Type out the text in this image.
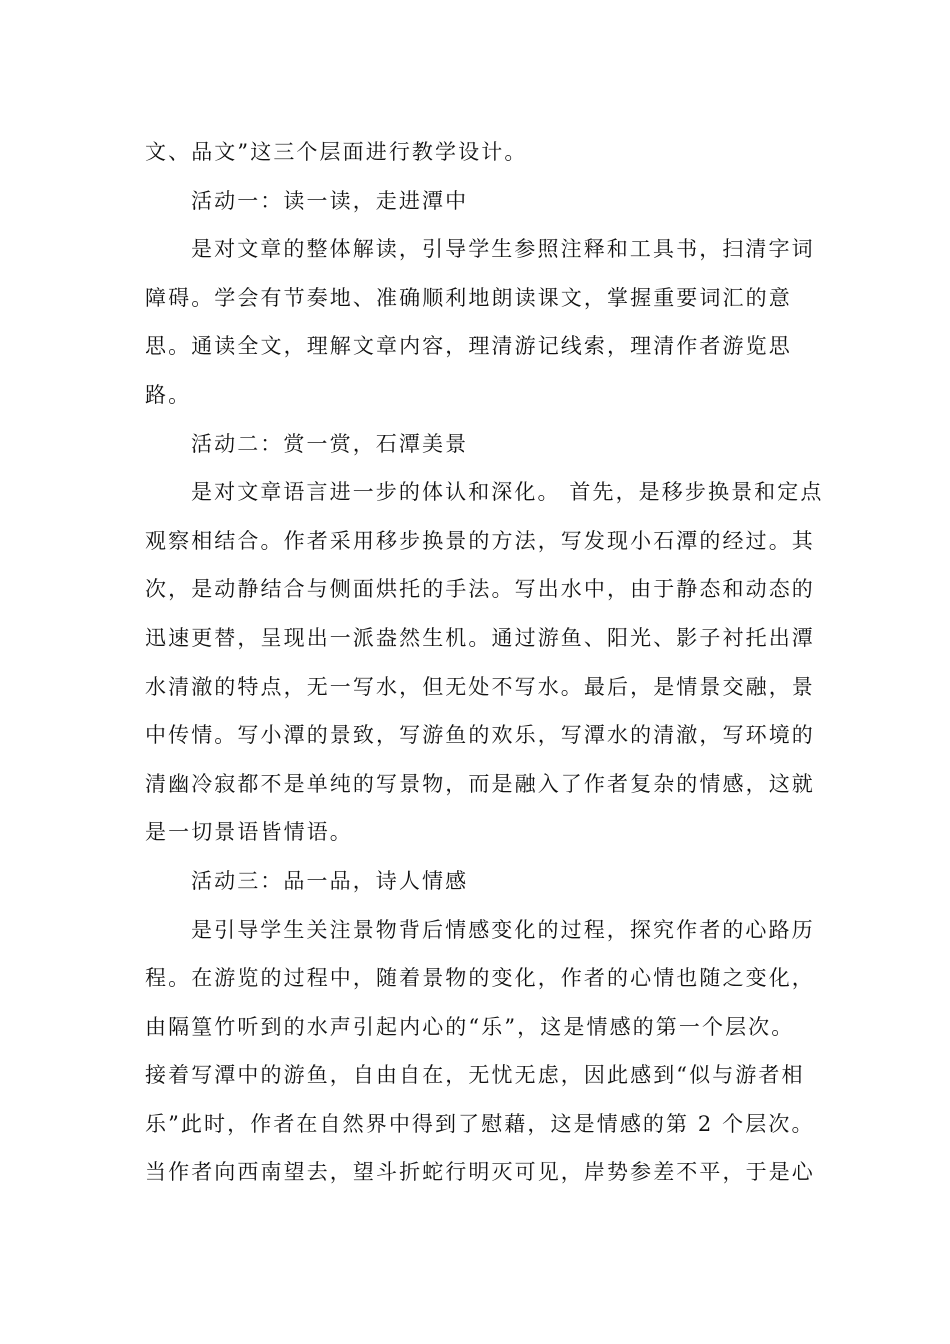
文、品文”这三个层面进行教学设计。
活动一：读一读，走进潭中
是对文章的整体解读，引导学生参照注释和工具书，扫清字词
障碍。学会有节奏地、准确顺利地朗读课文，掌握重要词汇的意
思。通读全文，理解文章内容，理清游记线索，理清作者游览思
路。
活动二：赏一赏，石潭美景
是对文章语言进一步的体认和深化。 首先，是移步换景和定点
观察相结合。作者采用移步换景的方法，写发现小石潭的经过。其
次，是动静结合与侧面烘托的手法。写出水中，由于静态和动态的
迅速更替，呈现出一派盎然生机。通过游鱼、阳光、影子衬托出潭
水清澈的特点，无一写水，但无处不写水。最后，是情景交融，景
中传情。写小潭的景致，写游鱼的欢乐，写潭水的清澈，写环境的
清幽冷寂都不是单纯的写景物，而是融入了作者复杂的情感，这就
是一切景语皆情语。
活动三：品一品，诗人情感
是引导学生关注景物背后情感变化的过程，探究作者的心路历
程。在游览的过程中，随着景物的变化，作者的心情也随之变化，
由隔篁竹听到的水声引起内心的“乐”，这是情感的第一个层次。
接着写潭中的游鱼，自由自在，无忧无虑，因此感到“似与游者相
乐”此时，作者在自然界中得到了慰藉，这是情感的第 2 个层次。
当作者向西南望去，望斗折蛇行明灭可见，岸势参差不平，于是心
